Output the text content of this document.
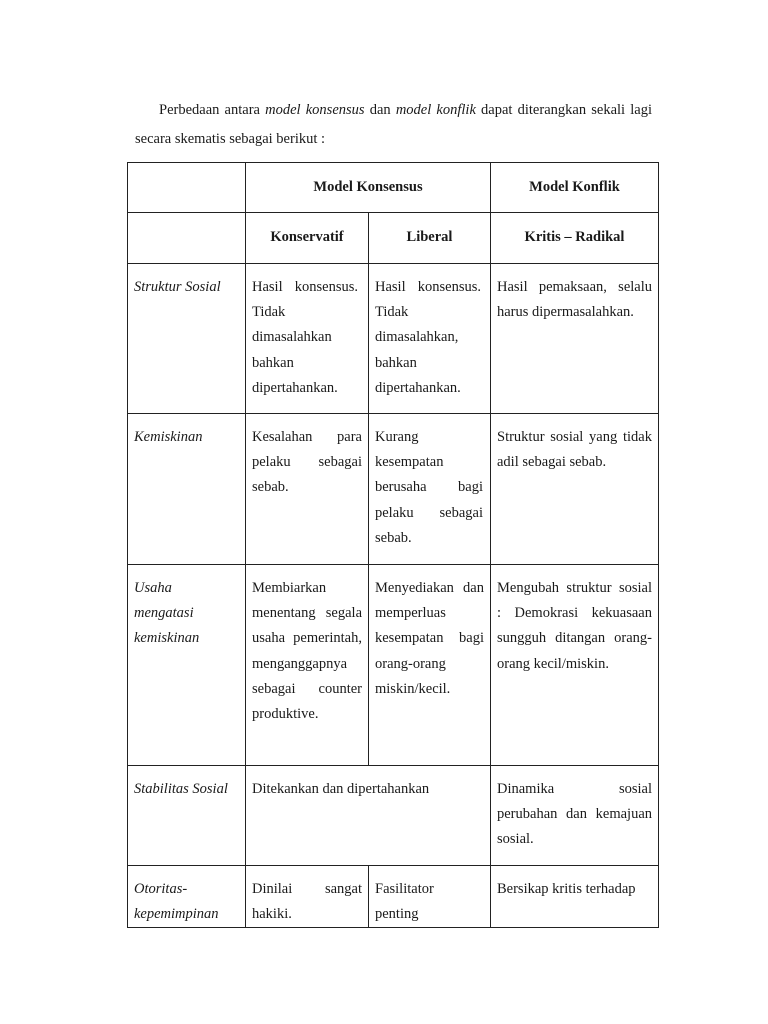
Perbedaan antara model konsensus dan model konflik dapat diterangkan sekali lagi secara skematis sebagai berikut :

	Model Konsensus		Model Konflik
	Konservatif	Liberal	Kritis – Radikal
Struktur Sosial	Hasil konsensus. Tidak dimasalahkan bahkan dipertahankan.	Hasil konsensus. Tidak dimasalahkan, bahkan dipertahankan.	Hasil pemaksaan, selalu harus dipermasalahkan.
Kemiskinan	Kesalahan para pelaku sebagai sebab.	Kurang kesempatan berusaha bagi pelaku sebagai sebab.	Struktur sosial yang tidak adil sebagai sebab.

Usaha mengatasi kemiskinan	Membiarkan menentang segala usaha pemerintah, menganggapnya sebagai counter produktive.	Menyediakan dan memperluas kesempatan bagi orang-orang miskin/kecil.	Mengubah struktur sosial : Demokrasi kekuasaan sungguh ditangan orang-orang kecil/miskin.
Stabilitas Sosial	Ditekankan dan dipertahankan		Dinamika sosial perubahan dan kemajuan sosial.

Otoritas-kepemimpinan	Dinilai sangat hakiki.	Fasilitator penting	Bersikap kritis terhadap
